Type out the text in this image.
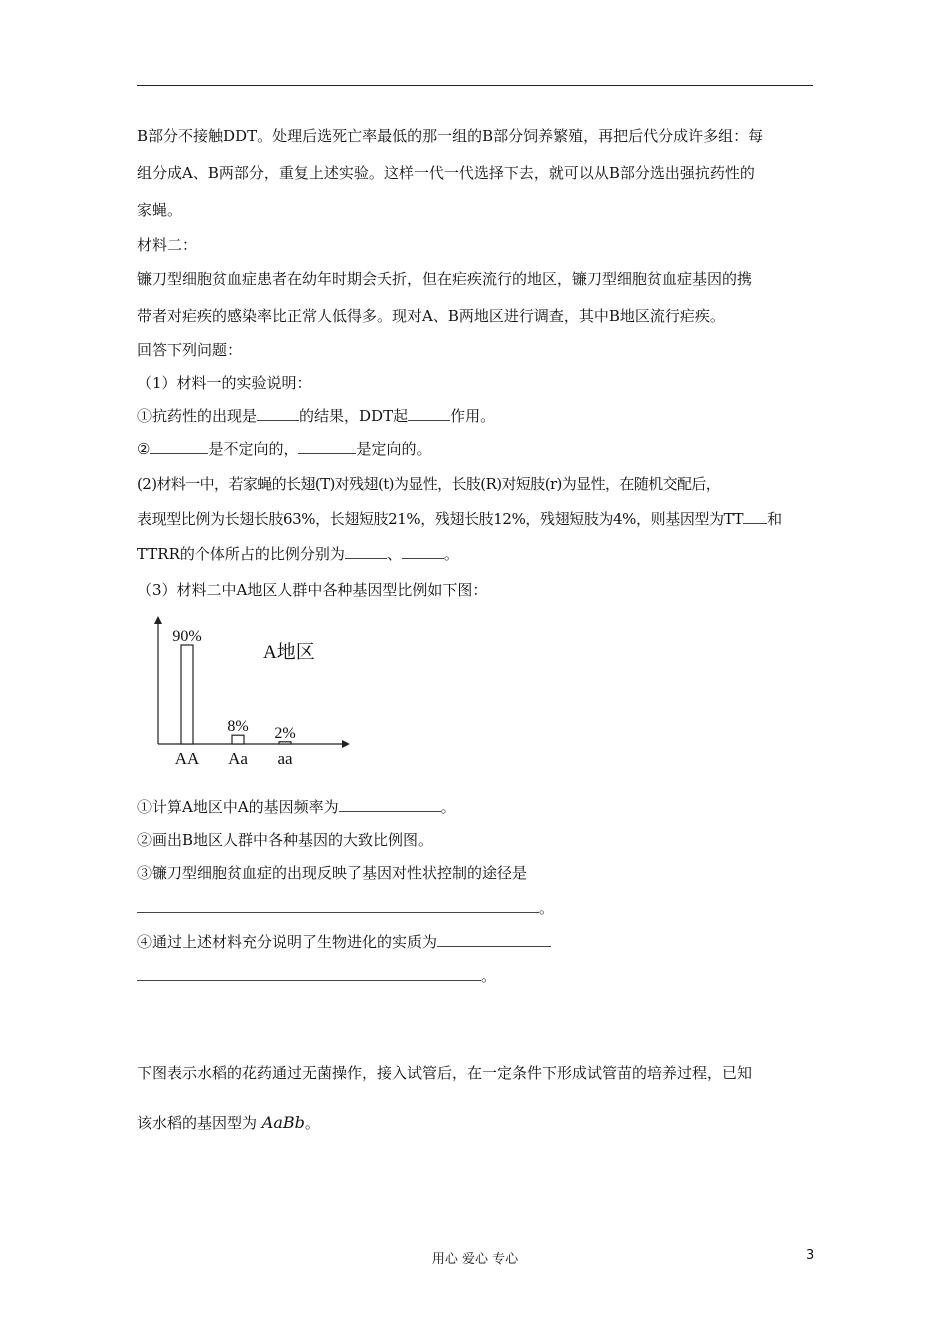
B部分不接触DDT。处理后选死亡率最低的那一组的B部分饲养繁殖，再把后代分成许多组：每
组分成A、B两部分，重复上述实验。这样一代一代选择下去，就可以从B部分选出强抗药性的
家蝇。
材料二：
镰刀型细胞贫血症患者在幼年时期会夭折，但在疟疾流行的地区，镰刀型细胞贫血症基因的携
带者对疟疾的感染率比正常人低得多。现对A、B两地区进行调查，其中B地区流行疟疾。
回答下列问题：
（1）材料一的实验说明：
①抗药性的出现是	的结果，DDT起	作用。
②	是不定向的，	是定向的。
(2)材料一中，若家蝇的长翅(T)对残翅(t)为显性，长肢(R)对短肢(r)为显性，在随机交配后，
表现型比例为长翅长肢63%，长翅短肢21%，残翅长肢12%，残翅短肢为4%，则基因型为TT 和
TTRR的个体所占的比例分别为	、	。
（3）材料二中A地区人群中各种基因型比例如下图：
A地区
90%
AA
8%
Aa
2%
aa
①计算A地区中A的基因频率为	。
②画出B地区人群中各种基因的大致比例图。
③镰刀型细胞贫血症的出现反映了基因对性状控制的途径是
。
④通过上述材料充分说明了生物进化的实质为
。
下图表示水稻的花药通过无菌操作，接入试管后，在一定条件下形成试管苗的培养过程，已知
该水稻的基因型为 AaBb。
用心 爱心 专心	3
